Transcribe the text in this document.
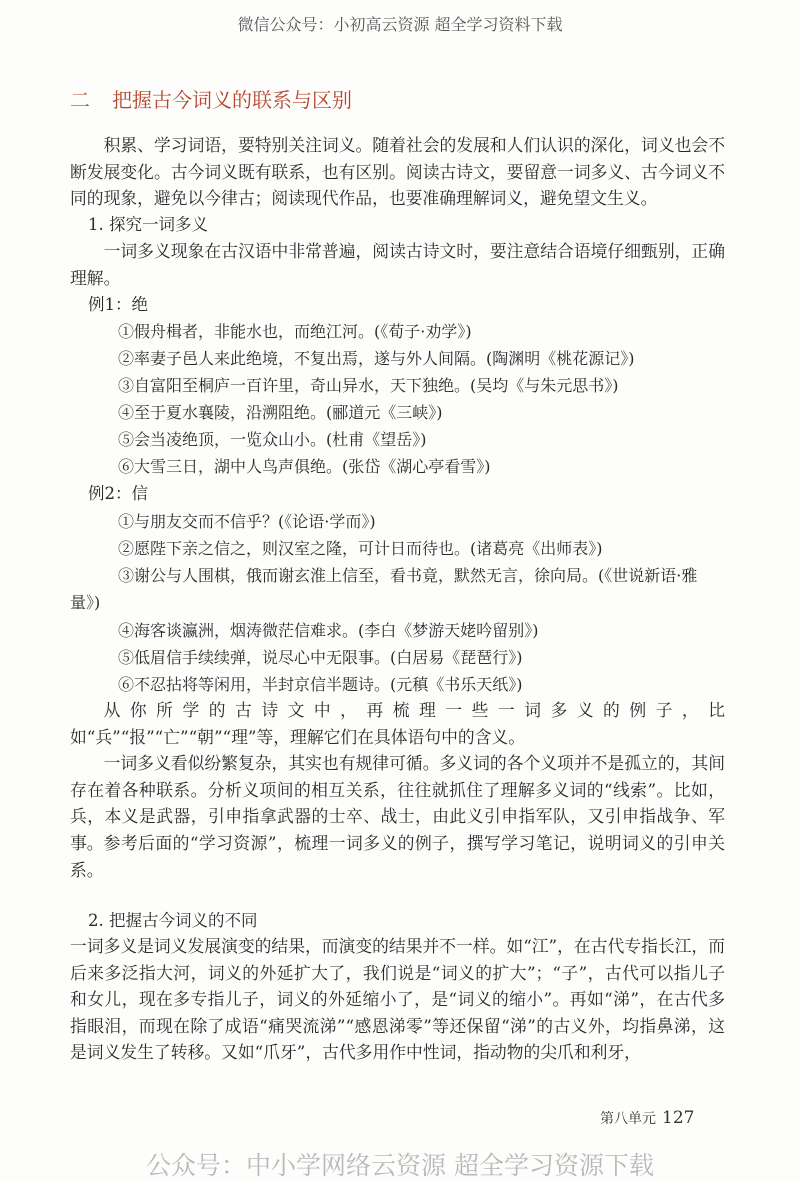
微信公众号：小初高云资源 超全学习资料下载
二 把握古今词义的联系与区别

积累、学习词语，要特别关注词义。随着社会的发展和人们认识的深化，词义也会不断发展变化。古今词义既有联系，也有区别。阅读古诗文，要留意一词多义、古今词义不同的现象，避免以今律古；阅读现代作品，也要准确理解词义，避免望文生义。

1. 探究一词多义

一词多义现象在古汉语中非常普遍，阅读古诗文时，要注意结合语境仔细甄别，正确理解。

例1：绝

①假舟楫者，非能水也，而绝江河。(《荀子·劝学》)

②率妻子邑人来此绝境，不复出焉，遂与外人间隔。(陶渊明《桃花源记》)

③自富阳至桐庐一百许里，奇山异水，天下独绝。(吴均《与朱元思书》)

④至于夏水襄陵，沿溯阻绝。(郦道元《三峡》)

⑤会当凌绝顶，一览众山小。(杜甫《望岳》)

⑥大雪三日，湖中人鸟声俱绝。(张岱《湖心亭看雪》)

例2：信

①与朋友交而不信乎？(《论语·学而》)

②愿陛下亲之信之，则汉室之隆，可计日而待也。(诸葛亮《出师表》)

③谢公与人围棋，俄而谢玄淮上信至，看书竟，默然无言，徐向局。(《世说新语·雅量》)

④海客谈瀛洲，烟涛微茫信难求。(李白《梦游天姥吟留别》)

⑤低眉信手续续弹，说尽心中无限事。(白居易《琵琶行》)

⑥不忍拈将等闲用，半封京信半题诗。(元稹《书乐天纸》)

从你所学的古诗文中，再梳理一些一词多义的例子，比如“兵”“报”“亡”“朝”“理”等，理解它们在具体语句中的含义。

一词多义看似纷繁复杂，其实也有规律可循。多义词的各个义项并不是孤立的，其间存在着各种联系。分析义项间的相互关系，往往就抓住了理解多义词的“线索”。比如，兵，本义是武器，引申指拿武器的士卒、战士，由此义引申指军队，又引申指战争、军事。 参考后面的“学习资源”，梳理一词多义的例子，撰写学习笔记，说明词义的引申关系。

2. 把握古今词义的不同

一词多义是词义发展演变的结果，而演变的结果并不一样。如“江”，在古代专指长江，而后来多泛指大河，词义的外延扩大了，我们说是“词义的扩大”；“子”，古代可以指儿子和女儿，现在多专指儿子，词义的外延缩小了，是“词义的缩小”。再如“涕”，在古代多指眼泪，而现在除了成语“痛哭流涕”“感恩涕零”等还保留“涕”的古义外，均指鼻涕，这是词义发生了转移。又如“爪牙”，古代多用作中性词，指动物的尖爪和利牙，

第八单元 127
公众号：中小学网络云资源 超全学习资源下载
